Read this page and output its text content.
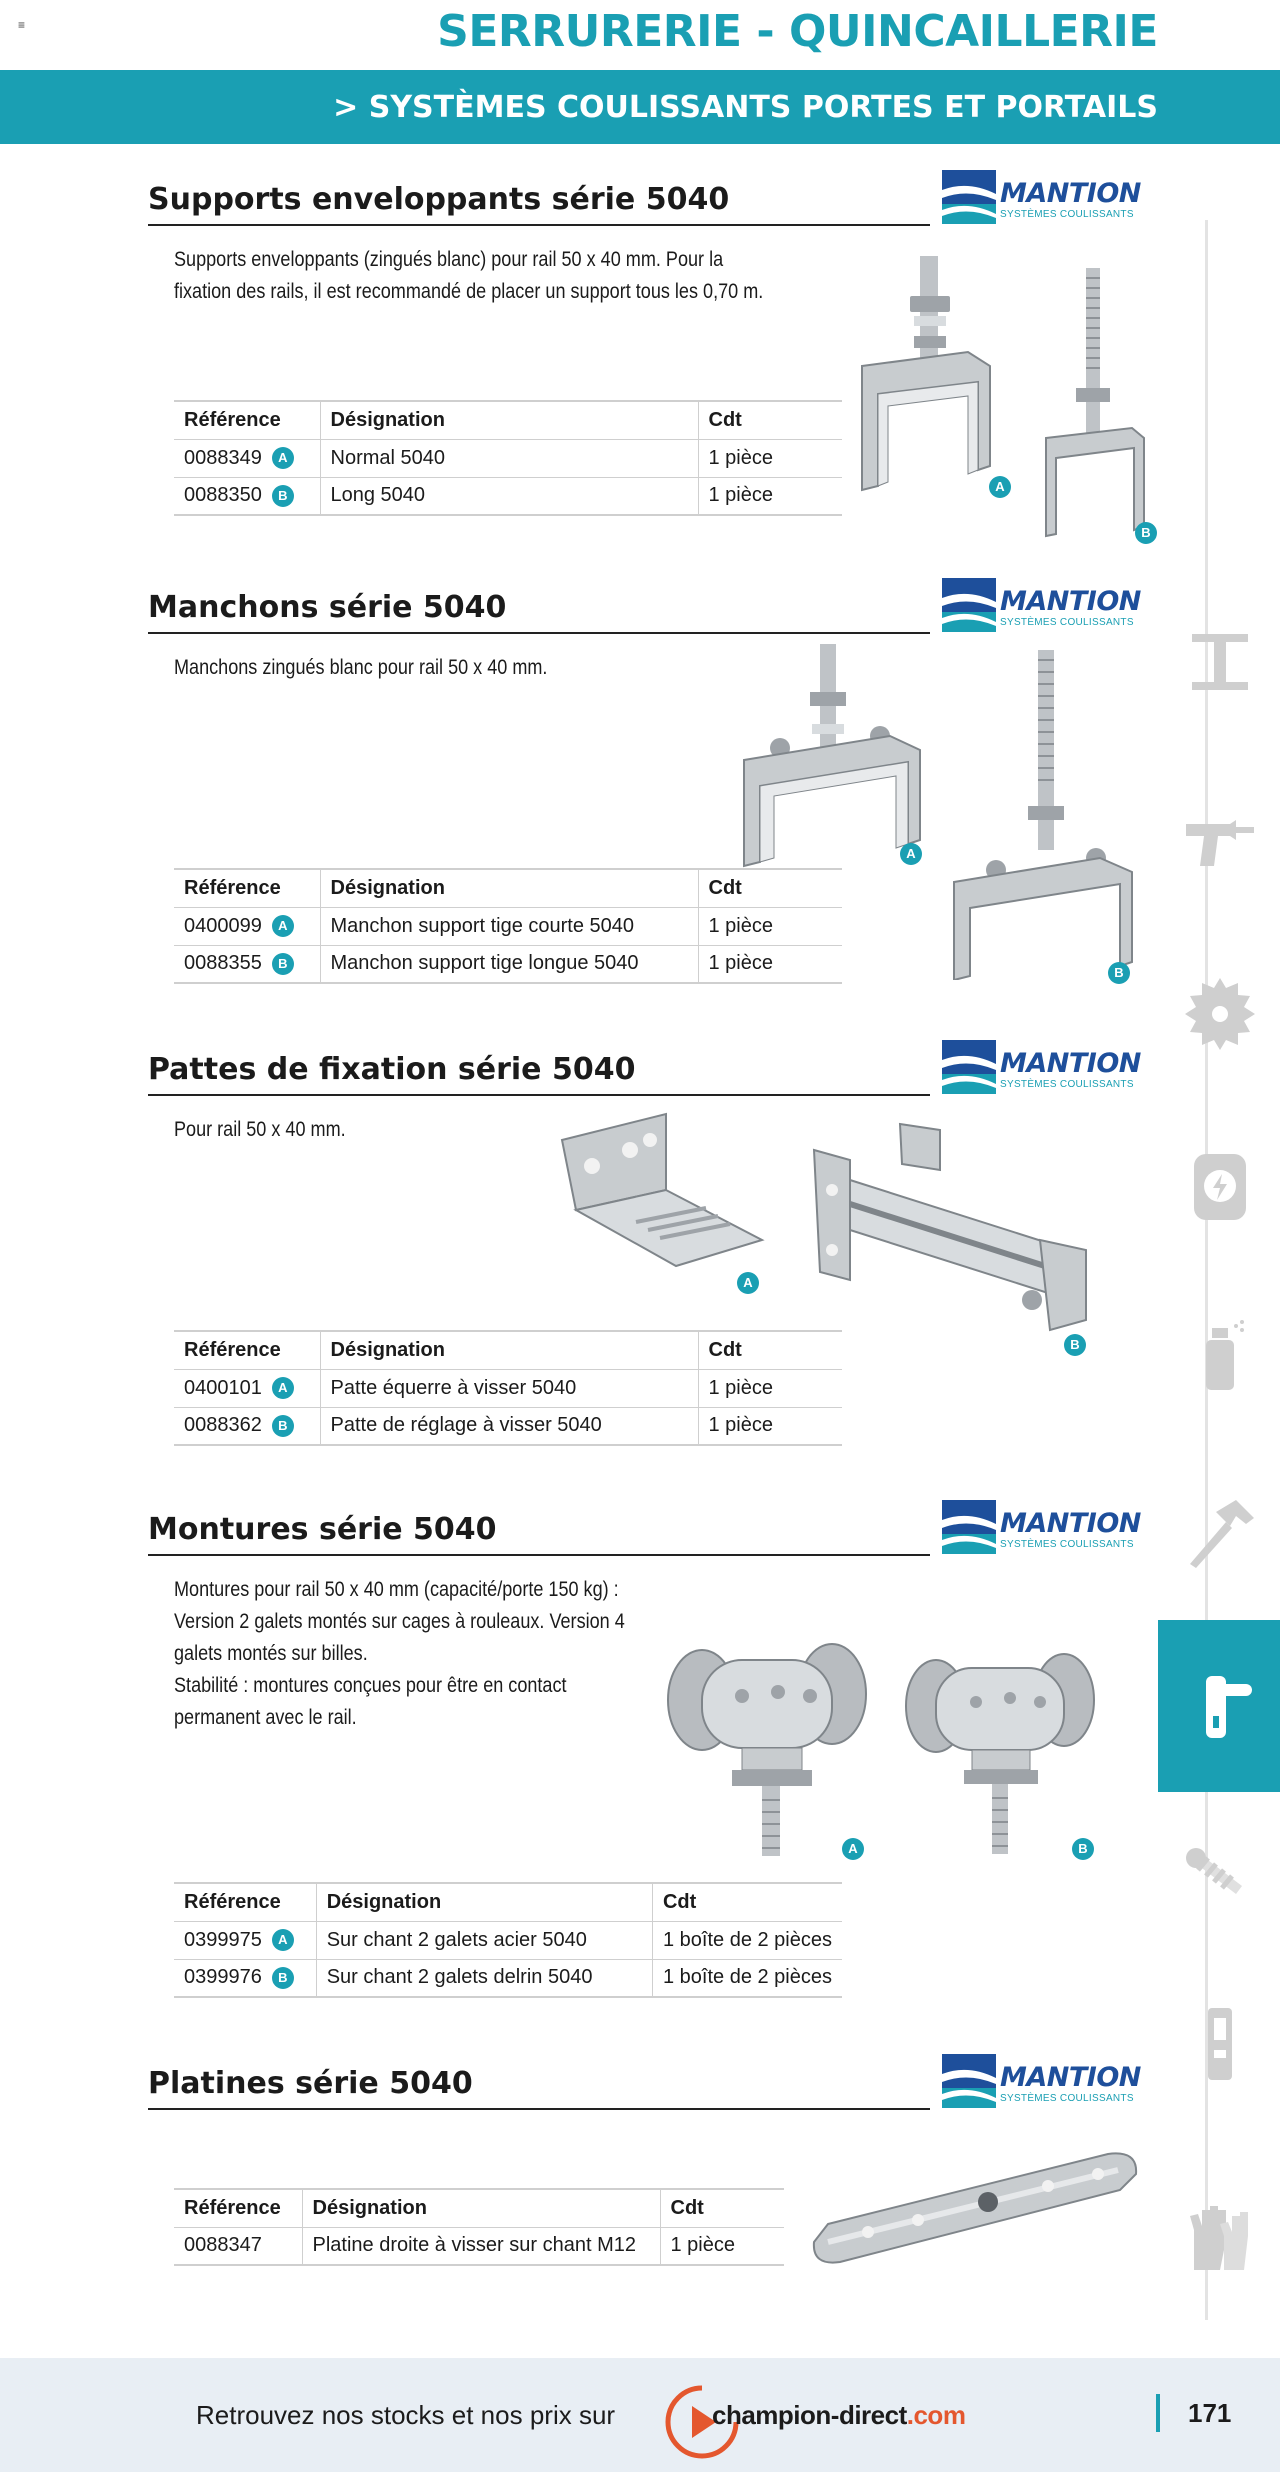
≡	SERRURERIE - QUINCAILLERIE
> SYSTÈMES COULISSANTS PORTES ET PORTAILS
Supports enveloppants série 5040	MANTION
SYSTÈMES COULISSANTS
Supports enveloppants (zingués blanc) pour rail 50 x 40 mm. Pour la
fixation des rails, il est recommandé de placer un support tous les 0,70 m.
Référence	Désignation	Cdt
0088349 A	Normal 5040	1 pièce
0088350 B	Long 5040	1 pièce	A
B
Manchons série 5040	MANTION
SYSTÈMES COULISSANTS
Manchons zingués blanc pour rail 50 x 40 mm.
Référence	Désignation	Cdt
0400099 A	Manchon support tige courte 5040	1 pièce
0088355 B	Manchon support tige longue 5040	1 pièce
A
B
Pattes de fixation série 5040	MANTION
SYSTÈMES COULISSANTS
Pour rail 50 x 40 mm.
Référence	Désignation	Cdt
0400101 A	Patte équerre à visser 5040	1 pièce
0088362 B	Patte de réglage à visser 5040	1 pièce
A
B
Montures série 5040	MANTION
SYSTÈMES COULISSANTS
Montures pour rail 50 x 40 mm (capacité/porte 150 kg) :
Version 2 galets montés sur cages à rouleaux. Version 4
galets montés sur billes.
Stabilité : montures conçues pour être en contact
permanent avec le rail.
Référence	Désignation	Cdt
0399975 A	Sur chant 2 galets acier 5040	1 boîte de 2 pièces
0399976 B	Sur chant 2 galets delrin 5040	1 boîte de 2 pièces
A	B
Platines série 5040	MANTION
SYSTÈMES COULISSANTS
Référence	Désignation	Cdt
0088347	Platine droite à visser sur chant M12	1 pièce
Retrouvez nos stocks et nos prix sur	champion-direct.com	171
